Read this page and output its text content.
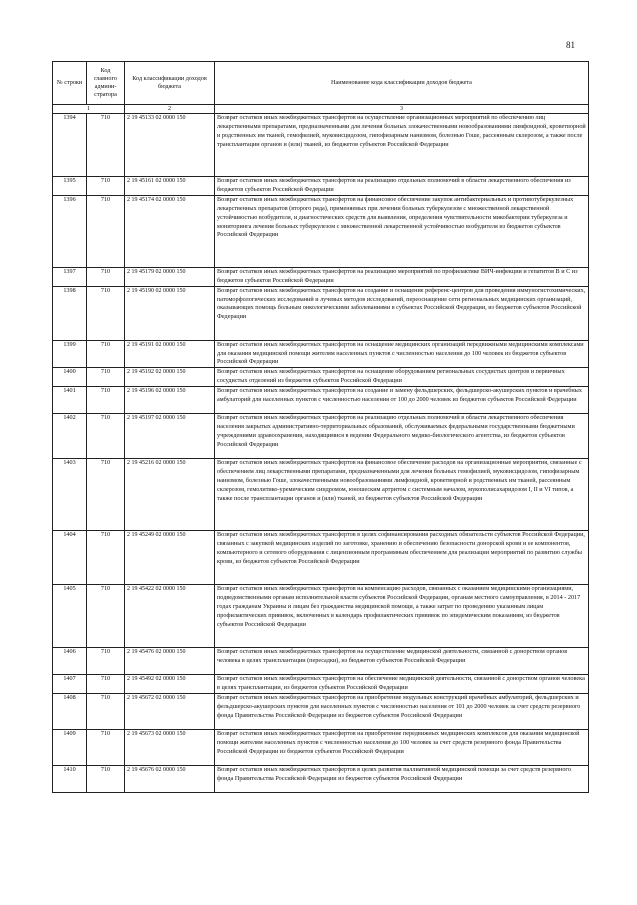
81
№ строки	Код главного админи- стратора	Код классификации доходов бюджета	Наименование кода классификации доходов бюджета
1		2	3
1394	710	2 19 45133 02 0000 150	Возврат остатков иных межбюджетных трансфертов на осуществление организационных мероприятий по обеспечению лиц лекарственными препаратами, предназначенными для лечения больных злокачественными новообразованиями лимфоидной, кроветворной и родственных им тканей, гемофилией, муковисцидозом, гипофизарным нанизмом, болезнью Гоше, рассеянным склерозом, а также после трансплантации органов и (или) тканей, из бюджетов субъектов Российской Федерации
1395	710	2 19 45161 02 0000 150	Возврат остатков иных межбюджетных трансфертов на реализацию отдельных полномочий в области лекарственного обеспечения из бюджетов субъектов Российской Федерации
1396	710	2 19 45174 02 0000 150	Возврат остатков иных межбюджетных трансфертов на финансовое обеспечение закупок антибактериальных и противотуберкулезных лекарственных препаратов (второго ряда), применяемых при лечении больных туберкулезом с множественной лекарственной устойчивостью возбудителя, и диагностических средств для выявления, определения чувствительности микобактерии туберкулеза и мониторинга лечения больных туберкулезом с множественной лекарственной устойчивостью возбудителя из бюджетов субъектов Российской Федерации
1397	710	2 19 45179 02 0000 150	Возврат остатков иных межбюджетных трансфертов на реализацию мероприятий по профилактике ВИЧ-инфекции и гепатитов В и С из бюджетов субъектов Российской Федерации
1398	710	2 19 45190 02 0000 150	Возврат остатков иных межбюджетных трансфертов на создание и оснащение референс-центров для проведения иммуногистохимических, патоморфологических исследований и лучевых методов исследований, переоснащение сети региональных медицинских организаций, оказывающих помощь больным онкологическими заболеваниями в субъектах Российской Федерации, из бюджетов субъектов Российской Федерации
1399	710	2 19 45191 02 0000 150	Возврат остатков иных межбюджетных трансфертов на оснащение медицинских организаций передвижными медицинскими комплексами для оказания медицинской помощи жителям населенных пунктов с численностью населения до 100 человек из бюджетов субъектов Российской Федерации
1400	710	2 19 45192 02 0000 150	Возврат остатков иных межбюджетных трансфертов на оснащение оборудованием региональных сосудистых центров и первичных сосудистых отделений из бюджетов субъектов Российской Федерации
1401	710	2 19 45196 02 0000 150	Возврат остатков иных межбюджетных трансфертов на создание и замену фельдшерских, фельдшерско-акушерских пунктов и врачебных амбулаторий для населенных пунктов с численностью населения от 100 до 2000 человек из бюджетов субъектов Российской Федерации
1402	710	2 19 45197 02 0000 150	Возврат остатков иных межбюджетных трансфертов на реализацию отдельных полномочий в области лекарственного обеспечения населения закрытых административно-территориальных образований, обслуживаемых федеральными государственными бюджетными учреждениями здравоохранения, находящимися в ведении Федерального медико-биологического агентства, из бюджетов субъектов Российской Федерации
1403	710	2 19 45216 02 0000 150	Возврат остатков иных межбюджетных трансфертов на финансовое обеспечение расходов на организационные мероприятия, связанные с обеспечением лиц лекарственными препаратами, предназначенными для лечения больных гемофилией, муковисцидозом, гипофизарным нанизмом, болезнью Гоше, злокачественными новообразованиями лимфоидной, кроветворной и родственных им тканей, рассеянным склерозом, гемолитико-уремическим синдромом, юношеским артритом с системным началом, мукополисахаридозом I, II и VI типов, а также после трансплантации органов и (или) тканей, из бюджетов субъектов Российской Федерации
1404	710	2 19 45249 02 0000 150	Возврат остатков иных межбюджетных трансфертов в целях софинансирования расходных обязательств субъектов Российской Федерации, связанных с закупкой медицинских изделий по заготовке, хранению и обеспечению безопасности донорской крови и ее компонентов, компьютерного и сетевого оборудования с лицензионным программным обеспечением для реализации мероприятий по развитию службы крови, из бюджетов субъектов Российской Федерации
1405	710	2 19 45422 02 0000 150	Возврат остатков иных межбюджетных трансфертов на компенсацию расходов, связанных с оказанием медицинскими организациями, подведомственными органам исполнительной власти субъектов Российской Федерации, органам местного самоуправления, в 2014 - 2017 годах гражданам Украины и лицам без гражданства медицинской помощи, а также затрат по проведению указанным лицам профилактических прививок, включенных в календарь профилактических прививок по эпидемическим показаниям, из бюджетов субъектов Российской Федерации
1406	710	2 19 45476 02 0000 150	Возврат остатков иных межбюджетных трансфертов на осуществление медицинской деятельности, связанной с донорством органов человека в целях трансплантации (пересадки), из бюджетов субъектов Российской Федерации
1407	710	2 19 45492 02 0000 150	Возврат остатков иных межбюджетных трансфертов на обеспечение медицинской деятельности, связанной с донорством органов человека в целях трансплантации, из бюджетов субъектов Российской Федерации
1408	710	2 19 45672 02 0000 150	Возврат остатков иных межбюджетных трансфертов на приобретение модульных конструкций врачебных амбулаторий, фельдшерских и фельдшерско-акушерских пунктов для населенных пунктов с численностью населения от 101 до 2000 человек за счет средств резервного фонда Правительства Российской Федерации из бюджетов субъектов Российской Федерации
1409	710	2 19 45673 02 0000 150	Возврат остатков иных межбюджетных трансфертов на приобретение передвижных медицинских комплексов для оказания медицинской помощи жителям населенных пунктов с численностью населения до 100 человек за счет средств резервного фонда Правительства Российской Федерации из бюджетов субъектов Российской Федерации
1410	710	2 19 45676 02 0000 150	Возврат остатков иных межбюджетных трансфертов в целях развития паллиативной медицинской помощи за счет средств резервного фонда Правительства Российской Федерации из бюджетов субъектов Российской Федерации
